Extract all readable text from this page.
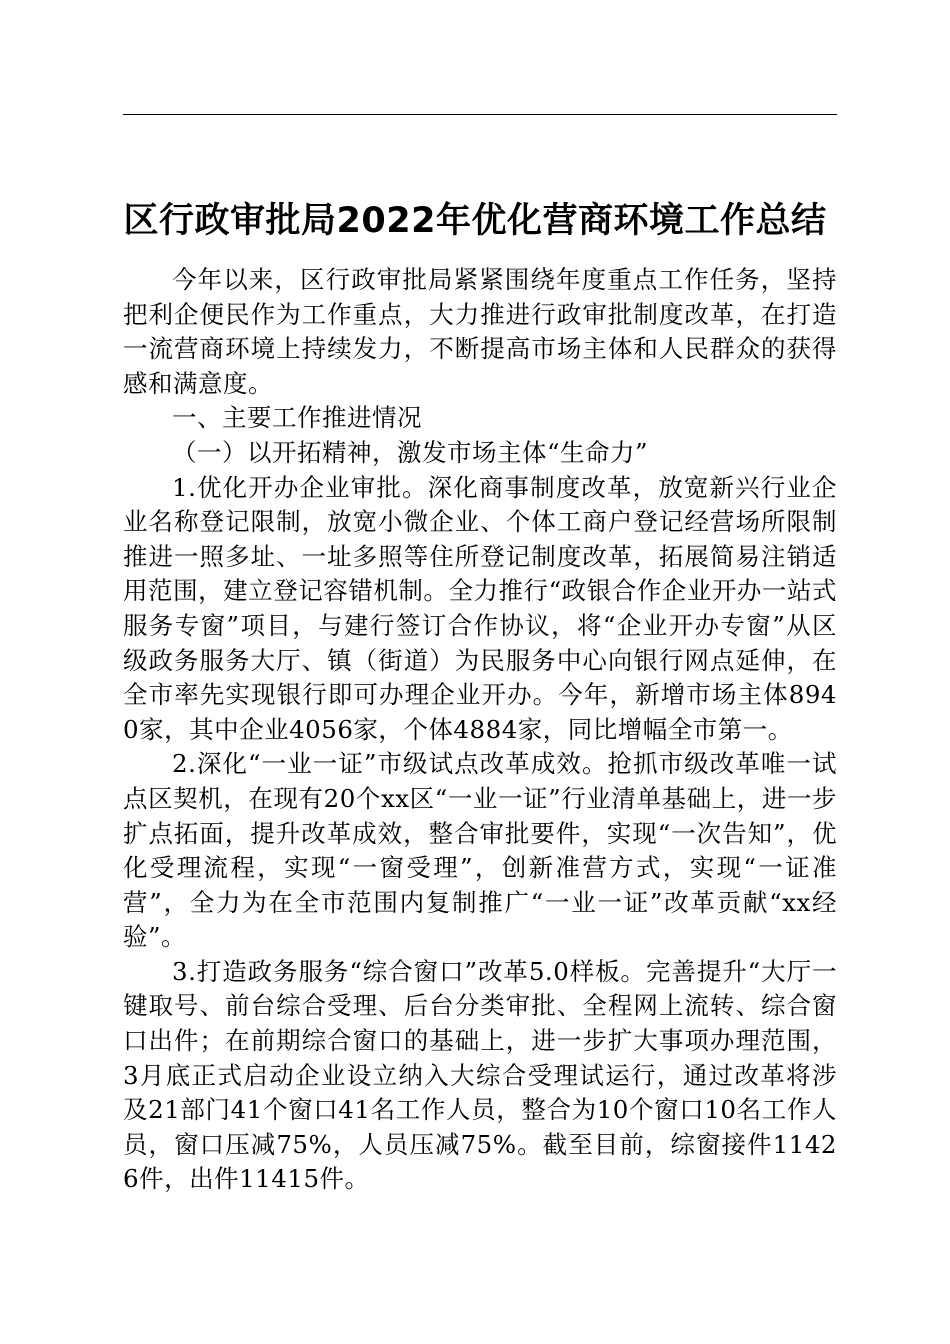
区行政审批局2022年优化营商环境工作总结

今年以来，区行政审批局紧紧围绕年度重点工作任务，坚持把利企便民作为工作重点，大力推进行政审批制度改革，在打造一流营商环境上持续发力，不断提高市场主体和人民群众的获得感和满意度。

一、主要工作推进情况

（一）以开拓精神，激发市场主体“生命力”

1.优化开办企业审批。深化商事制度改革，放宽新兴行业企业名称登记限制，放宽小微企业、个体工商户登记经营场所限制推进一照多址、一址多照等住所登记制度改革，拓展简易注销适用范围，建立登记容错机制。全力推行“政银合作企业开办一站式服务专窗”项目，与建行签订合作协议，将“企业开办专窗”从区级政务服务大厅、镇（街道）为民服务中心向银行网点延伸，在全市率先实现银行即可办理企业开办。今年，新增市场主体8940家，其中企业4056家，个体4884家，同比增幅全市第一。

2.深化“一业一证”市级试点改革成效。抢抓市级改革唯一试点区契机，在现有20个xx区“一业一证”行业清单基础上，进一步扩点拓面，提升改革成效，整合审批要件，实现“一次告知”，优化受理流程，实现“一窗受理”，创新准营方式，实现“一证准营”，全力为在全市范围内复制推广“一业一证”改革贡献“xx经验”。

3.打造政务服务“综合窗口”改革5.0样板。完善提升“大厅一键取号、前台综合受理、后台分类审批、全程网上流转、综合窗口出件；在前期综合窗口的基础上，进一步扩大事项办理范围，3月底正式启动企业设立纳入大综合受理试运行，通过改革将涉及21部门41个窗口41名工作人员，整合为10个窗口10名工作人员，窗口压减75%，人员压减75%。截至目前，综窗接件11426件，出件11415件。
